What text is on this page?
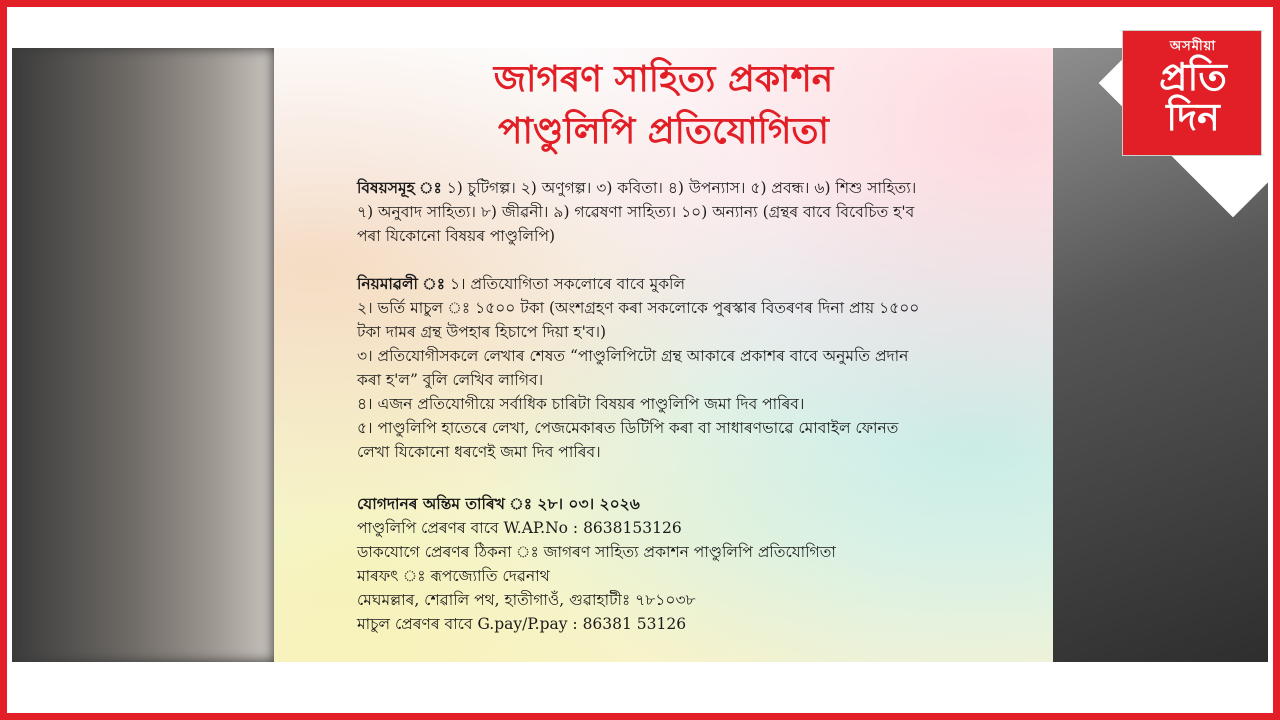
জাগৰণ সাহিত্য প্ৰকাশন
পাণ্ডুলিপি প্ৰতিযোগিতা
বিষয়সমূহ ঃ ১) চুটিগল্প। ২) অণুগল্প। ৩) কবিতা। ৪) উপন্যাস। ৫) প্ৰবন্ধ। ৬) শিশু সাহিত্য।
৭) অনুবাদ সাহিত্য। ৮) জীৱনী। ৯) গৱেষণা সাহিত্য। ১০) অন্যান্য (গ্ৰন্থৰ বাবে বিবেচিত হ'ব
পৰা যিকোনো বিষয়ৰ পাণ্ডুলিপি)
নিয়মাৱলী ঃ ১। প্ৰতিযোগিতা সকলোৰে বাবে মুকলি
২। ভৰ্তি মাচুল ঃ ১৫০০ টকা (অংশগ্ৰহণ কৰা সকলোকে পুৰস্কাৰ বিতৰণৰ দিনা প্ৰায় ১৫০০
টকা দামৰ গ্ৰন্থ উপহাৰ হিচাপে দিয়া হ'ব।)
৩। প্ৰতিযোগীসকলে লেখাৰ শেষত “পাণ্ডুলিপিটো গ্ৰন্থ আকাৰে প্ৰকাশৰ বাবে অনুমতি প্ৰদান
কৰা হ'ল” বুলি লেখিব লাগিব।
৪। এজন প্ৰতিযোগীয়ে সৰ্বাধিক চাৰিটা বিষয়ৰ পাণ্ডুলিপি জমা দিব পাৰিব।
৫। পাণ্ডুলিপি হাতেৰে লেখা, পেজমেকাৰত ডিটিপি কৰা বা সাধাৰণভাৱে মোবাইল ফোনত
লেখা যিকোনো ধৰণেই জমা দিব পাৰিব।
যোগদানৰ অন্তিম তাৰিখ ঃ ২৮। ০৩। ২০২৬
পাণ্ডুলিপি প্ৰেৰণৰ বাবে W.AP.No : 8638153126
ডাকযোগে প্ৰেৰণৰ ঠিকনা ঃ জাগৰণ সাহিত্য প্ৰকাশন পাণ্ডুলিপি প্ৰতিযোগিতা
মাৰফৎ ঃ ৰূপজ্যোতি দেৱনাথ
মেঘমল্লাৰ, শেৱালি পথ, হাতীগাওঁ, গুৱাহাটীঃ ৭৮১০৩৮
মাচুল প্ৰেৰণৰ বাবে G.pay/P.pay : 86381 53126
অসমীয়া
প্রতি
দিন
